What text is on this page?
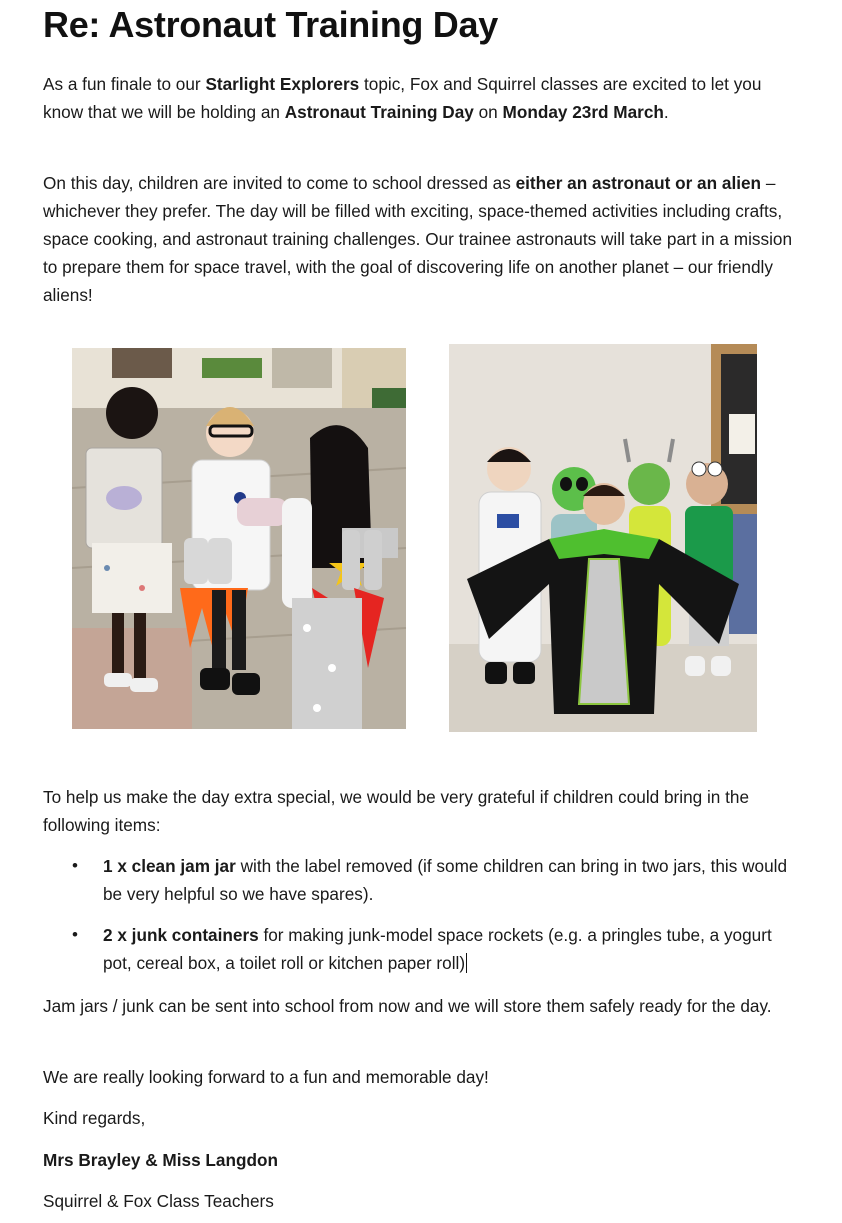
Re: Astronaut Training Day

As a fun finale to our Starlight Explorers topic, Fox and Squirrel classes are excited to let you know that we will be holding an Astronaut Training Day on Monday 23rd March.

On this day, children are invited to come to school dressed as either an astronaut or an alien – whichever they prefer. The day will be filled with exciting, space-themed activities including crafts, space cooking, and astronaut training challenges. Our trainee astronauts will take part in a mission to prepare them for space travel, with the goal of discovering life on another planet – our friendly aliens!

To help us make the day extra special, we would be very grateful if children could bring in the following items:

• 1 x clean jam jar with the label removed (if some children can bring in two jars, this would be very helpful so we have spares).
• 2 x junk containers for making junk-model space rockets (e.g. a pringles tube, a yogurt pot, cereal box, a toilet roll or kitchen paper roll)

Jam jars / junk can be sent into school from now and we will store them safely ready for the day.

We are really looking forward to a fun and memorable day!

Kind regards,

Mrs Brayley & Miss Langdon

Squirrel & Fox Class Teachers
